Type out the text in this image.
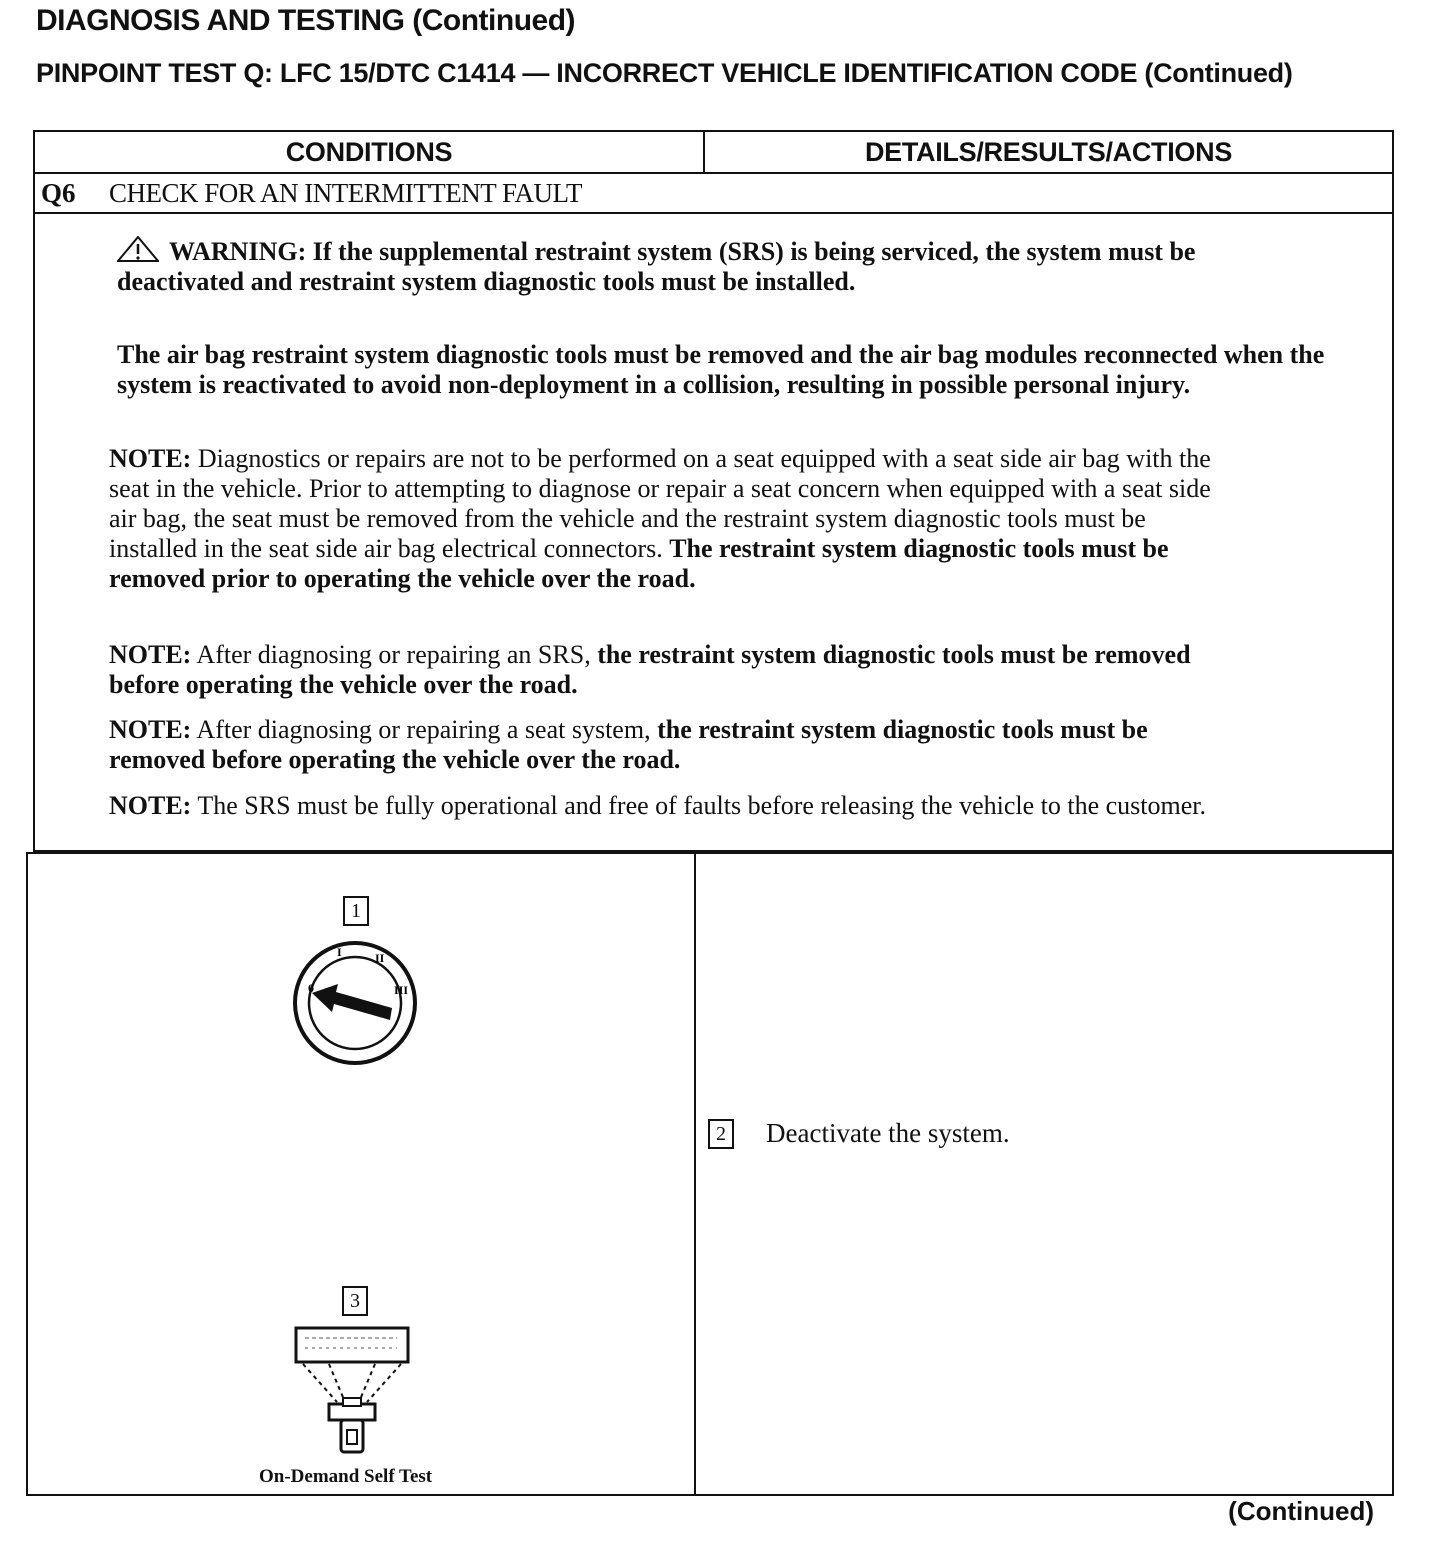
DIAGNOSIS AND TESTING (Continued)
PINPOINT TEST Q: LFC 15/DTC C1414 — INCORRECT VEHICLE IDENTIFICATION CODE (Continued)
CONDITIONS	DETAILS/RESULTS/ACTIONS
Q6 CHECK FOR AN INTERMITTENT FAULT
WARNING: If the supplemental restraint system (SRS) is being serviced, the system must be deactivated and restraint system diagnostic tools must be installed.
The air bag restraint system diagnostic tools must be removed and the air bag modules reconnected when the system is reactivated to avoid non-deployment in a collision, resulting in possible personal injury.
NOTE: Diagnostics or repairs are not to be performed on a seat equipped with a seat side air bag with the seat in the vehicle. Prior to attempting to diagnose or repair a seat concern when equipped with a seat side air bag, the seat must be removed from the vehicle and the restraint system diagnostic tools must be installed in the seat side air bag electrical connectors. The restraint system diagnostic tools must be removed prior to operating the vehicle over the road.
NOTE: After diagnosing or repairing an SRS, the restraint system diagnostic tools must be removed before operating the vehicle over the road.
NOTE: After diagnosing or repairing a seat system, the restraint system diagnostic tools must be removed before operating the vehicle over the road.
NOTE: The SRS must be fully operational and free of faults before releasing the vehicle to the customer.
1
0
I	II
III
2 Deactivate the system.
3
On-Demand Self Test
(Continued)
